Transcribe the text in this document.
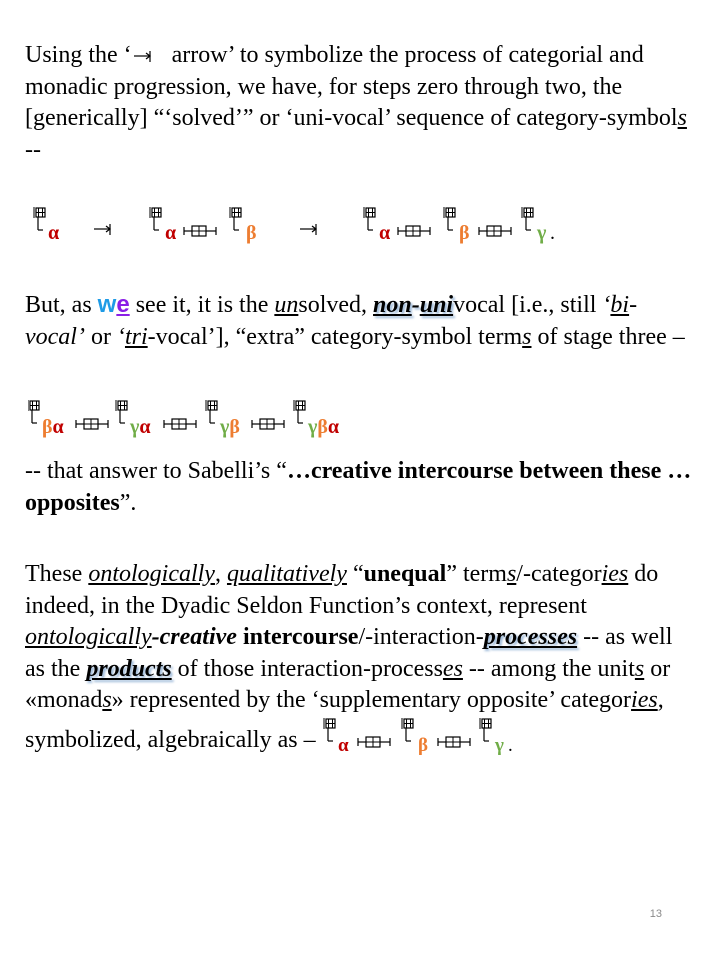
Using the ‘ arrow’ to symbolize the process of categorial and monadic progression, we have, for steps zero through two, the [generically] “‘solved’” or ‘uni-vocal’ sequence of category-symbols --
α	α	β	α	β	γ .
But, as we see it, it is the unsolved, non-univocal [i.e., still ‘bi-vocal’ or ‘tri-vocal’], “extra” category-symbol terms of stage three –
βα	γα	γβ	γβα
-- that answer to Sabelli’s “…creative intercourse between these … opposites”.
These ontologically, qualitatively “unequal” terms/-categories do indeed, in the Dyadic Seldon Function’s context, represent ontologically-creative intercourse/-interaction-processes -- as well as the products of those interaction-processes -- among the units or «monads» represented by the ‘supplementary opposite’ categories, symbolized, algebraically as – α	β	γ .
13
